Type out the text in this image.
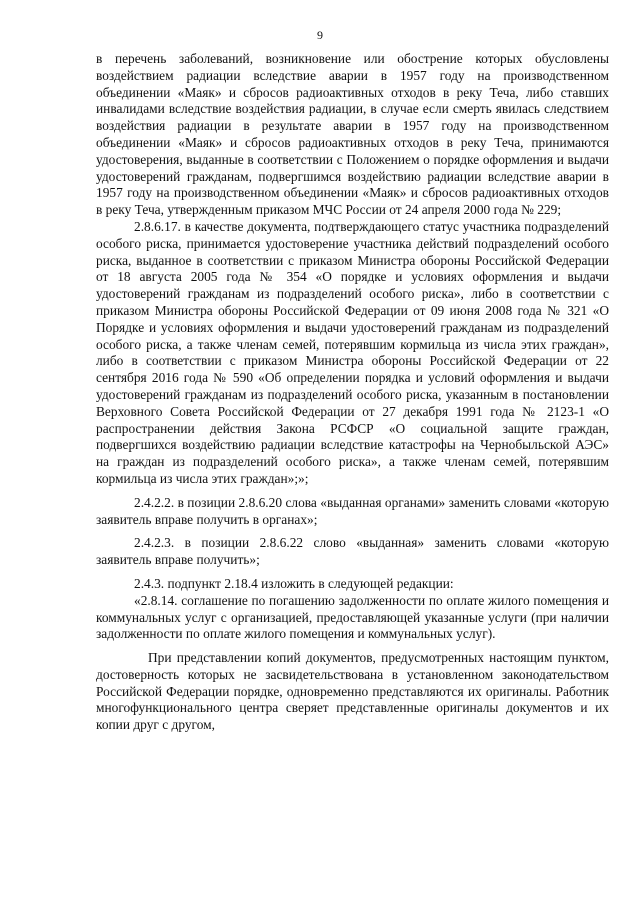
9

в перечень заболеваний, возникновение или обострение которых обусловлены воздействием радиации вследствие аварии в 1957 году на производственном объединении «Маяк» и сбросов радиоактивных отходов в реку Теча, либо ставших инвалидами вследствие воздействия радиации, в случае если смерть явилась следствием воздействия радиации в результате аварии в 1957 году на производственном объединении «Маяк» и сбросов радиоактивных отходов в реку Теча, принимаются удостоверения, выданные в соответствии с Положением о порядке оформления и выдачи удостоверений гражданам, подвергшимся воздействию радиации вследствие аварии в 1957 году на производственном объединении «Маяк» и сбросов радиоактивных отходов в реку Теча, утвержденным приказом МЧС России от 24 апреля 2000 года № 229;

2.8.6.17. в качестве документа, подтверждающего статус участника подразделений особого риска, принимается удостоверение участника действий подразделений особого риска, выданное в соответствии с приказом Министра обороны Российской Федерации от 18 августа 2005 года № 354 «О порядке и условиях оформления и выдачи удостоверений гражданам из подразделений особого риска», либо в соответствии с приказом Министра обороны Российской Федерации от 09 июня 2008 года № 321 «О Порядке и условиях оформления и выдачи удостоверений гражданам из подразделений особого риска, а также членам семей, потерявшим кормильца из числа этих граждан», либо в соответствии с приказом Министра обороны Российской Федерации от 22 сентября 2016 года № 590 «Об определении порядка и условий оформления и выдачи удостоверений гражданам из подразделений особого риска, указанным в постановлении Верховного Совета Российской Федерации от 27 декабря 1991 года № 2123-1 «О распространении действия Закона РСФСР «О социальной защите граждан, подвергшихся воздействию радиации вследствие катастрофы на Чернобыльской АЭС» на граждан из подразделений особого риска», а также членам семей, потерявшим кормильца из числа этих граждан»;»;

2.4.2.2. в позиции 2.8.6.20 слова «выданная органами» заменить словами «которую заявитель вправе получить в органах»;

2.4.2.3. в позиции 2.8.6.22 слово «выданная» заменить словами «которую заявитель вправе получить»;

2.4.3. подпункт 2.18.4 изложить в следующей редакции:

«2.8.14. соглашение по погашению задолженности по оплате жилого помещения и коммунальных услуг с организацией, предоставляющей указанные услуги (при наличии задолженности по оплате жилого помещения и коммунальных услуг).

При представлении копий документов, предусмотренных настоящим пунктом, достоверность которых не засвидетельствована в установленном законодательством Российской Федерации порядке, одновременно представляются их оригиналы. Работник многофункционального центра сверяет представленные оригиналы документов и их копии друг с другом,
